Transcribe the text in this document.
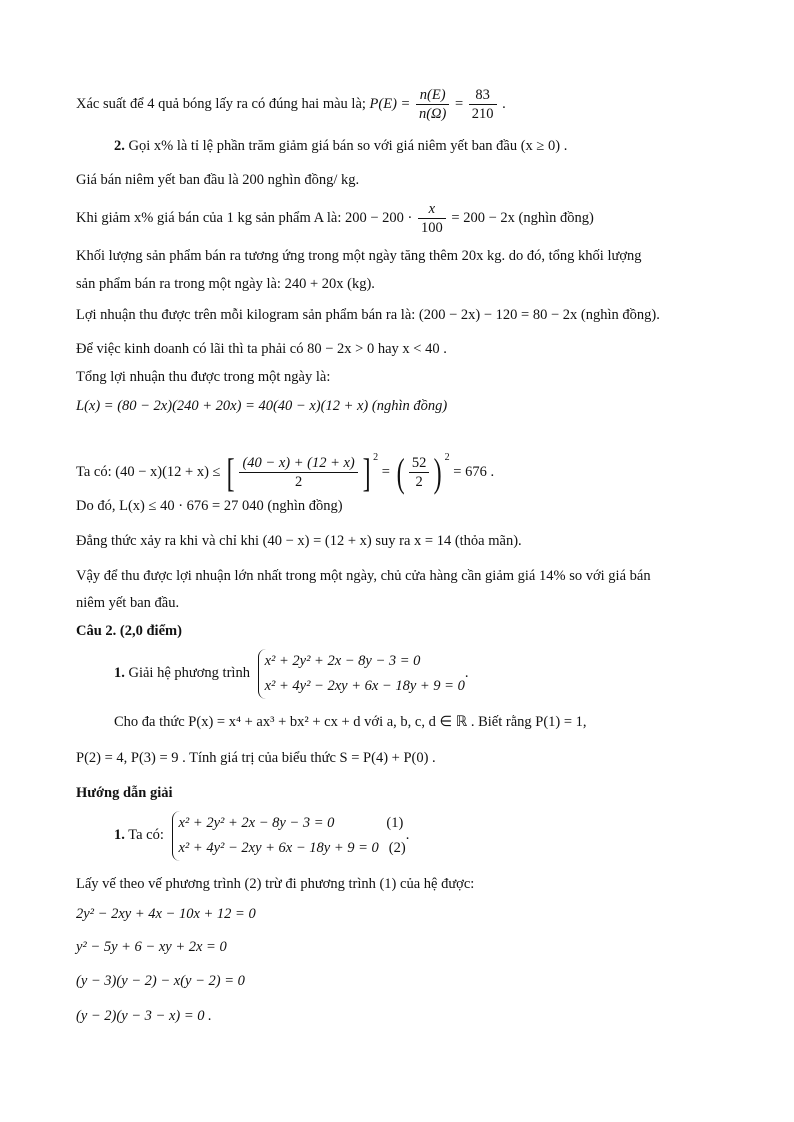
Xác suất để 4 quả bóng lấy ra có đúng hai màu là; $P(E) = \frac{n(E)}{n(\Omega)} = \frac{83}{210}$ .
2. Gọi x% là tỉ lệ phần trăm giảm giá bán so với giá niêm yết ban đầu (x ≥ 0) .
Giá bán niêm yết ban đầu là 200 nghìn đồng/ kg.
Khi giảm x% giá bán của 1 kg sản phẩm A là: $200 - 200 \cdot \frac{x}{100} = 200 - 2x$ (nghìn đồng)
Khối lượng sản phẩm bán ra tương ứng trong một ngày tăng thêm 20x kg. do đó, tổng khối lượng
sản phẩm bán ra trong một ngày là: 240 + 20x (kg).
Lợi nhuận thu được trên mỗi kilogram sản phẩm bán ra là: (200 − 2x) − 120 = 80 − 2x (nghìn đồng).
Để việc kinh doanh có lãi thì ta phải có 80 − 2x > 0 hay x < 40 .
Tổng lợi nhuận thu được trong một ngày là:
L(x) = (80 − 2x)(240 + 20x) = 40(40 − x)(12 + x) (nghìn đồng)
Ta có: (40 − x)(12 + x) ≤ [ $\frac{(40 - x) + (12 + x)}{2}$ ] $^2$ = ( $\frac{52}{2}$ ) $^2$ = 676 .
Do đó, L(x) ≤ 40 · 676 = 27 040 (nghìn đồng)
Đẳng thức xảy ra khi và chỉ khi (40 − x) = (12 + x) suy ra x = 14 (thỏa mãn).
Vậy để thu được lợi nhuận lớn nhất trong một ngày, chủ cửa hàng cần giảm giá 14% so với giá bán
niêm yết ban đầu.
Câu 2. (2,0 điểm)
1. Giải hệ phương trình
x² + 2y² + 2x − 8y − 3 = 0
x² + 4y² − 2xy + 6x − 18y + 9 = 0
.
Cho đa thức P(x) = x⁴ + ax³ + bx² + cx + d với a, b, c, d ∈ ℝ . Biết rằng P(1) = 1,
P(2) = 4, P(3) = 9 . Tính giá trị của biểu thức S = P(4) + P(0) .
Hướng dẫn giải
1. Ta có:
x² + 2y² + 2x − 8y − 3 = 0	(1)
x² + 4y² − 2xy + 6x − 18y + 9 = 0 (2)
.
Lấy vế theo vế phương trình (2) trừ đi phương trình (1) của hệ được:
2y² − 2xy + 4x − 10x + 12 = 0
y² − 5y + 6 − xy + 2x = 0
(y − 3)(y − 2) − x(y − 2) = 0
(y − 2)(y − 3 − x) = 0 .
